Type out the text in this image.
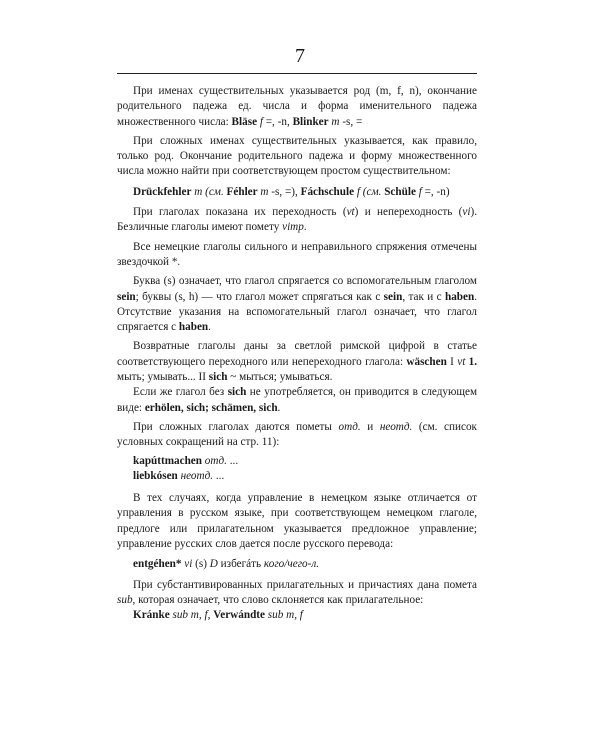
7

При именах существительных указывается род (m, f, n), окончание родительного падежа ед. числа и форма именительного падежа множественного числа: Bläse f =, -n, Blinker m -s, =

При сложных именах существительных указывается, как правило, только род. Окончание родительного падежа и форму множественного числа можно найти при соответствующем простом существительном:

Drückfehler m (см. Féhler m -s, =), Fáchschule f (см. Schüle f =, -n)

При глаголах показана их переходность (vt) и непереходность (vi). Безличные глаголы имеют помету vimp.

Все немецкие глаголы сильного и неправильного спряжения отмечены звездочкой *.

Буква (s) означает, что глагол спрягается со вспомогательным глаголом sein; буквы (s, h) — что глагол может спрягаться как с sein, так и с haben. Отсутствие указания на вспомогательный глагол означает, что глагол спрягается с haben.

Возвратные глаголы даны за светлой римской цифрой в статье соответствующего переходного или непереходного глагола: wäschen I vt 1. мыть; умывать... II sich ~ мыться; умываться.

Если же глагол без sich не употребляется, он приводится в следующем виде: erhölen, sich; schämen, sich.

При сложных глаголах даются пометы отд. и неотд. (см. список условных сокращений на стр. 11):

kapúttmachen отд. ...
liebkósen неотд. ...

В тех случаях, когда управление в немецком языке отличается от управления в русском языке, при соответствующем немецком глаголе, предлоге или прилагательном указывается предложное управление; управление русских слов дается после русского перевода:

entgéhen* vi (s) D избегáть кого/чего-л.

При субстантивированных прилагательных и причастиях дана помета sub, которая означает, что слово склоняется как прилагательное:

Kránke sub m, f, Verwándte sub m, f
